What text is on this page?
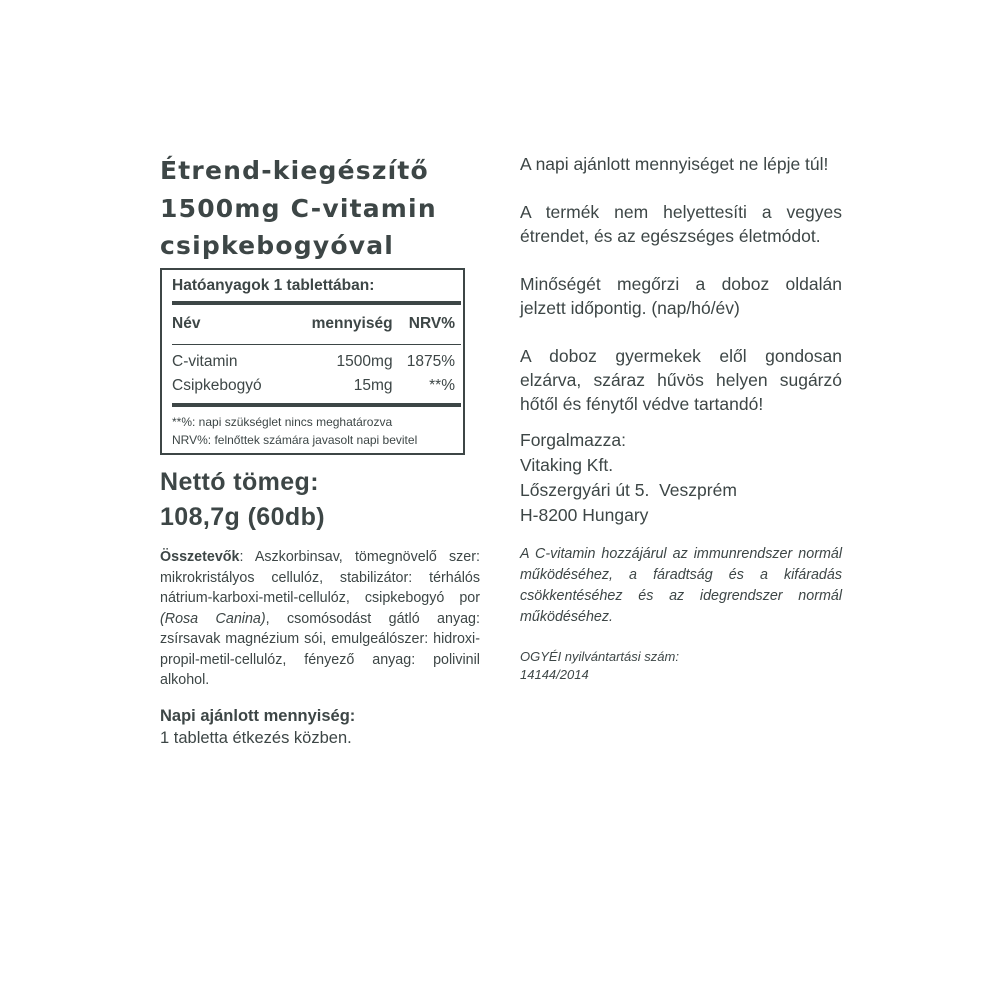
Étrend-kiegészítő
1500mg C-vitamin
csipkebogyóval
Hatóanyagok 1 tablettában:
Név	mennyiség	NRV%

C-vitamin	1500mg	1875%
Csipkebogyó	15mg	**%
**%: napi szükséglet nincs meghatározva
NRV%: felnőttek számára javasolt napi bevitel
Nettó tömeg:
108,7g (60db)
Összetevők: Aszkorbinsav, tömegnövelő szer: mikrokristályos cellulóz, stabilizátor: térhálós nátrium-karboxi-metil-cellulóz, csipkebogyó por (Rosa Canina), csomósodást gátló anyag: zsírsavak magnézium sói, emulgeálószer: hidroxi-propil-metil-cellulóz, fényező anyag: polivinil alkohol.
Napi ajánlott mennyiség:
1 tabletta étkezés közben.

A napi ajánlott mennyiséget ne lépje túl!

A termék nem helyettesíti a vegyes étrendet, és az egészséges életmódot.

Minőségét megőrzi a doboz oldalán jelzett időpontig. (nap/hó/év)

A doboz gyermekek elől gondosan elzárva, száraz hűvös helyen sugárzó hőtől és fénytől védve tartandó!

Forgalmazza:
Vitaking Kft.
Lőszergyári út 5.  Veszprém
H-8200 Hungary
A C-vitamin hozzájárul az immunrendszer normál működéséhez, a fáradtság és a kifáradás csökkentéséhez és az idegrendszer normál működéséhez.
OGYÉI nyilvántartási szám:
14144/2014
